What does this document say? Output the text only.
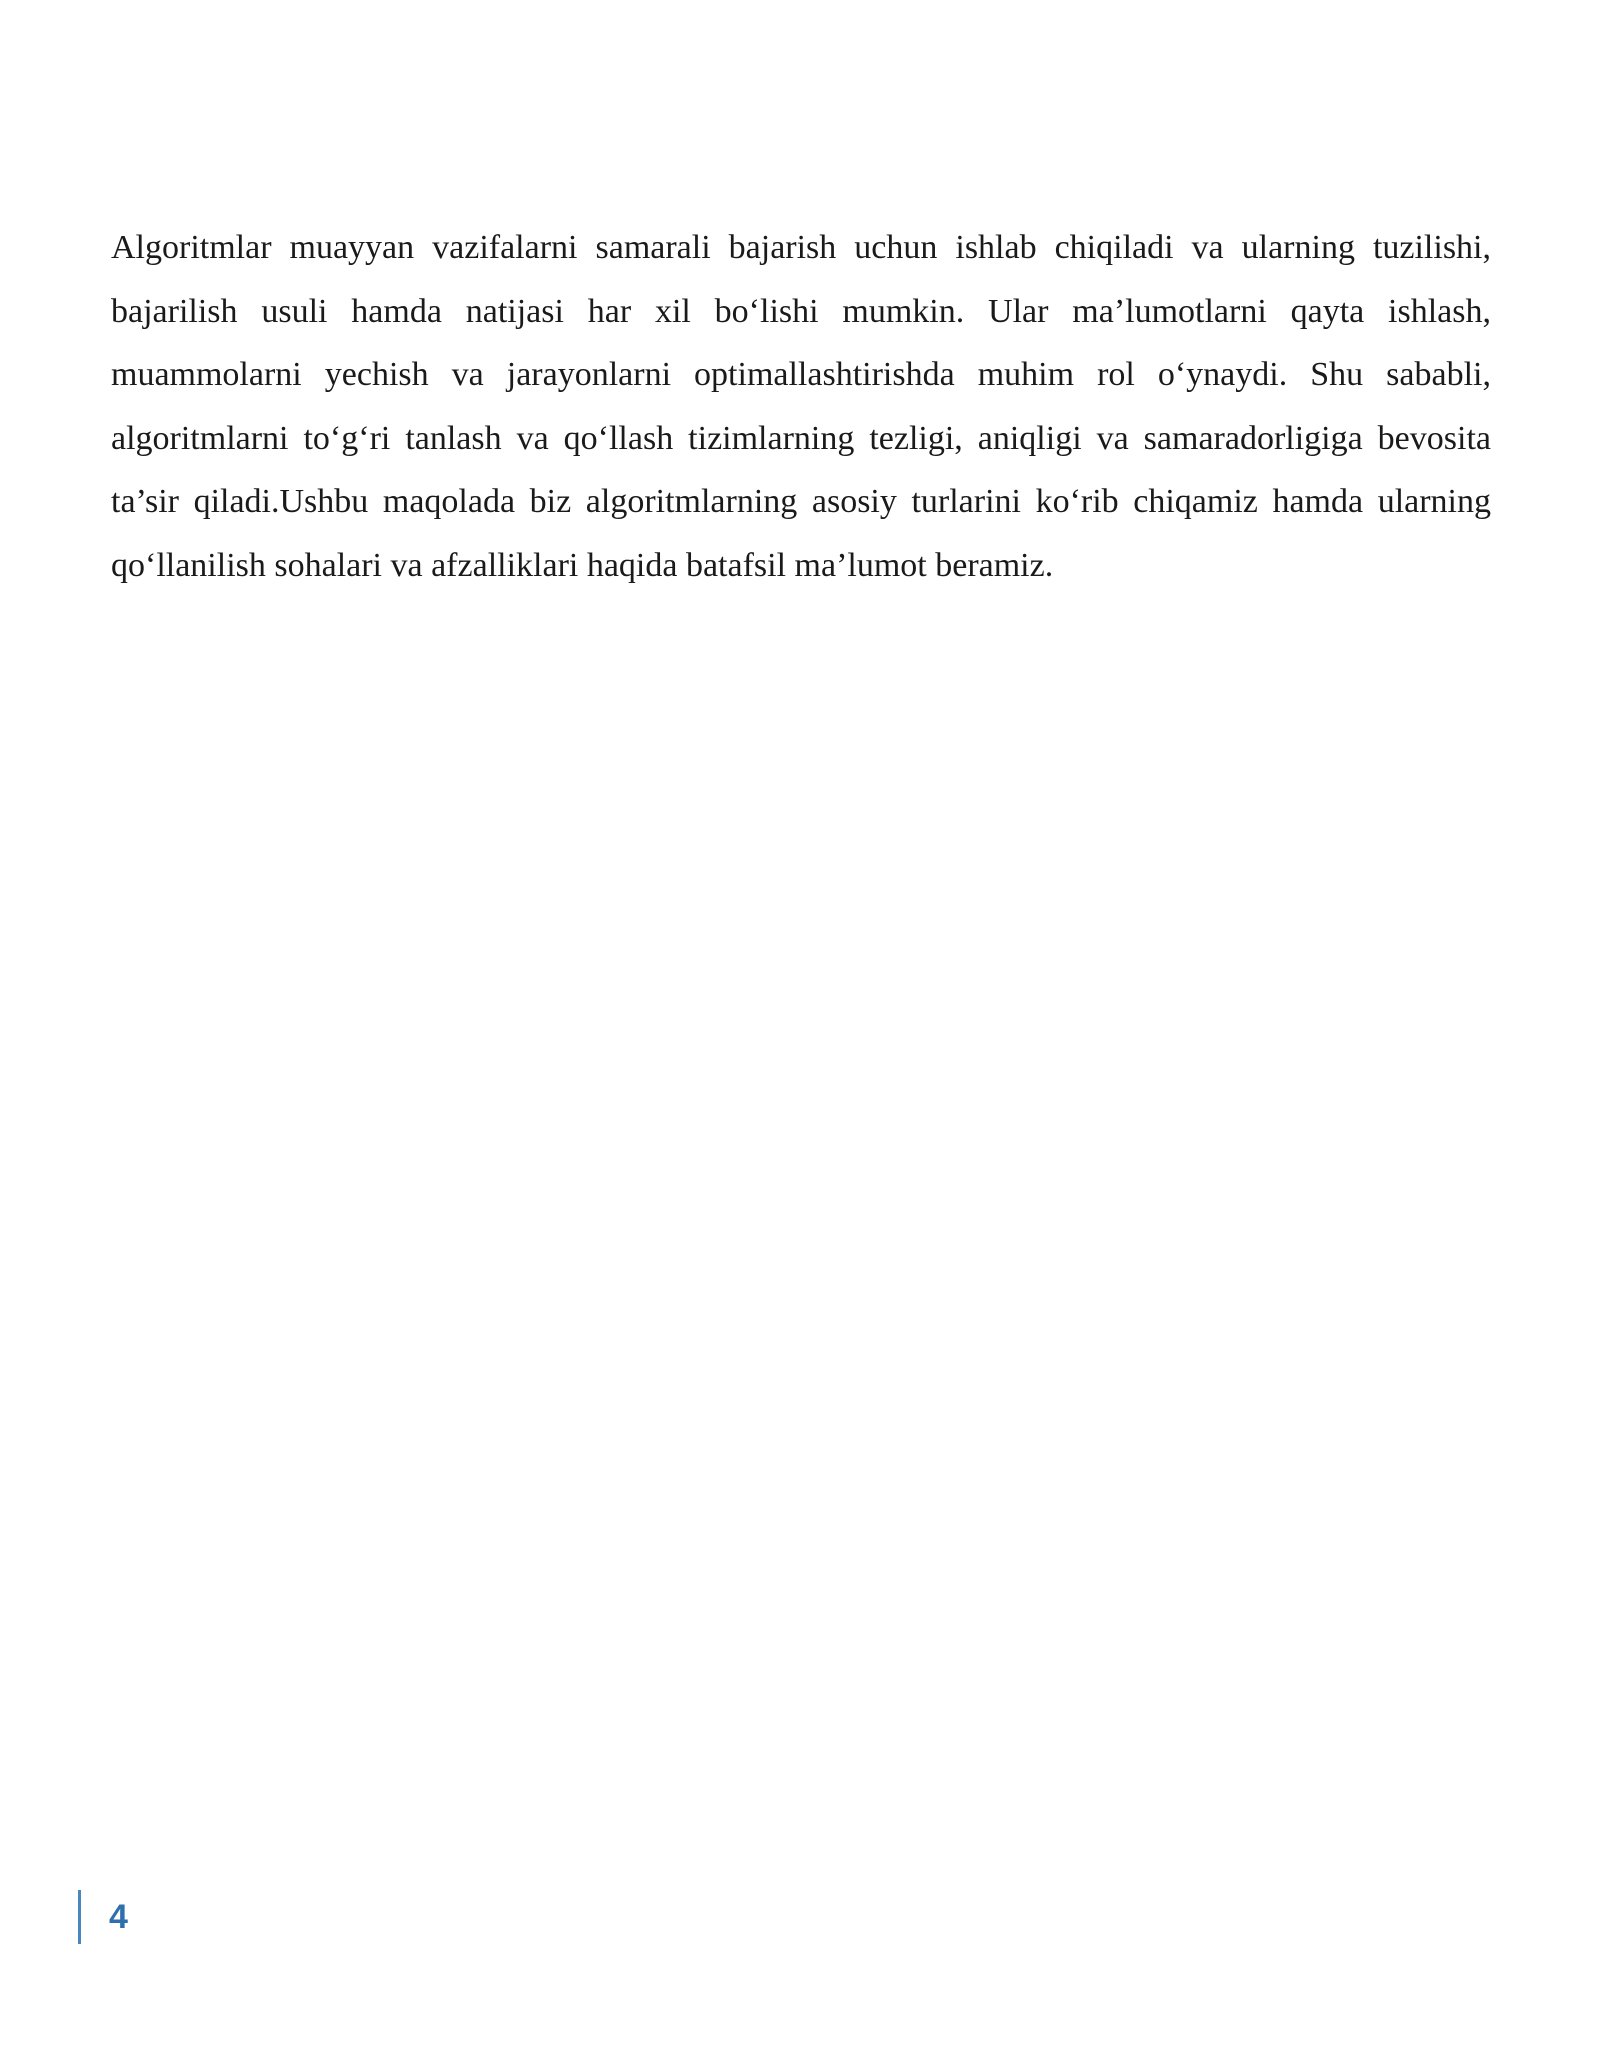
Algoritmlar muayyan vazifalarni samarali bajarish uchun ishlab chiqiladi va ularning tuzilishi, bajarilish usuli hamda natijasi har xil bo‘lishi mumkin. Ular ma’lumotlarni qayta ishlash, muammolarni yechish va jarayonlarni optimallashtirishda muhim rol o‘ynaydi. Shu sababli, algoritmlarni to‘g‘ri tanlash va qo‘llash tizimlarning tezligi, aniqligi va samaradorligiga bevosita ta’sir qiladi.Ushbu maqolada biz algoritmlarning asosiy turlarini ko‘rib chiqamiz hamda ularning qo‘llanilish sohalari va afzalliklari haqida batafsil ma’lumot beramiz.

4
